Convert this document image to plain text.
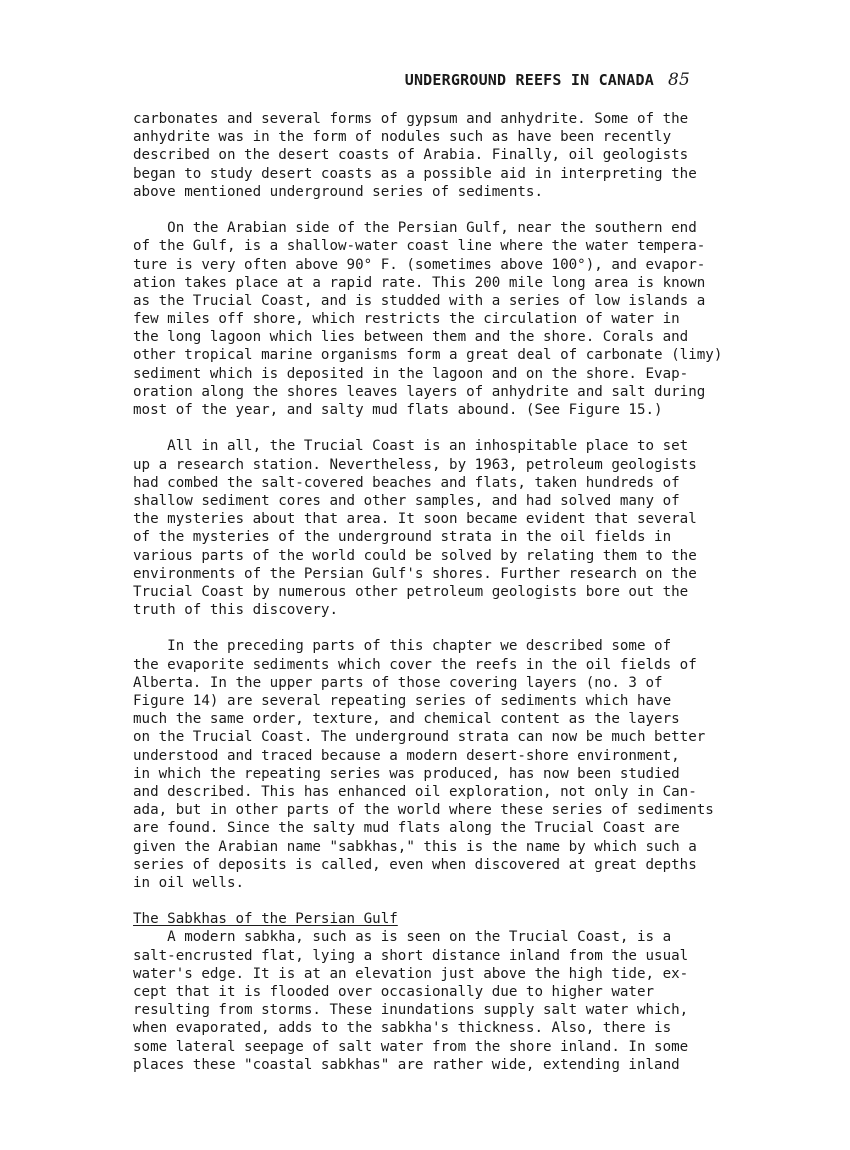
UNDERGROUND REEFS IN CANADA 85
carbonates and several forms of gypsum and anhydrite. Some of the
anhydrite was in the form of nodules such as have been recently
described on the desert coasts of Arabia. Finally, oil geologists
began to study desert coasts as a possible aid in interpreting the
above mentioned underground series of sediments.
On the Arabian side of the Persian Gulf, near the southern end
of the Gulf, is a shallow-water coast line where the water tempera-
ture is very often above 90° F. (sometimes above 100°), and evapor-
ation takes place at a rapid rate. This 200 mile long area is known
as the Trucial Coast, and is studded with a series of low islands a
few miles off shore, which restricts the circulation of water in
the long lagoon which lies between them and the shore. Corals and
other tropical marine organisms form a great deal of carbonate (limy)
sediment which is deposited in the lagoon and on the shore. Evap-
oration along the shores leaves layers of anhydrite and salt during
most of the year, and salty mud flats abound. (See Figure 15.)
All in all, the Trucial Coast is an inhospitable place to set
up a research station. Nevertheless, by 1963, petroleum geologists
had combed the salt-covered beaches and flats, taken hundreds of
shallow sediment cores and other samples, and had solved many of
the mysteries about that area. It soon became evident that several
of the mysteries of the underground strata in the oil fields in
various parts of the world could be solved by relating them to the
environments of the Persian Gulf's shores. Further research on the
Trucial Coast by numerous other petroleum geologists bore out the
truth of this discovery.
In the preceding parts of this chapter we described some of
the evaporite sediments which cover the reefs in the oil fields of
Alberta. In the upper parts of those covering layers (no. 3 of
Figure 14) are several repeating series of sediments which have
much the same order, texture, and chemical content as the layers
on the Trucial Coast. The underground strata can now be much better
understood and traced because a modern desert-shore environment,
in which the repeating series was produced, has now been studied
and described. This has enhanced oil exploration, not only in Can-
ada, but in other parts of the world where these series of sediments
are found. Since the salty mud flats along the Trucial Coast are
given the Arabian name "sabkhas," this is the name by which such a
series of deposits is called, even when discovered at great depths
in oil wells.
The Sabkhas of the Persian Gulf
A modern sabkha, such as is seen on the Trucial Coast, is a
salt-encrusted flat, lying a short distance inland from the usual
water's edge. It is at an elevation just above the high tide, ex-
cept that it is flooded over occasionally due to higher water
resulting from storms. These inundations supply salt water which,
when evaporated, adds to the sabkha's thickness. Also, there is
some lateral seepage of salt water from the shore inland. In some
places these "coastal sabkhas" are rather wide, extending inland
